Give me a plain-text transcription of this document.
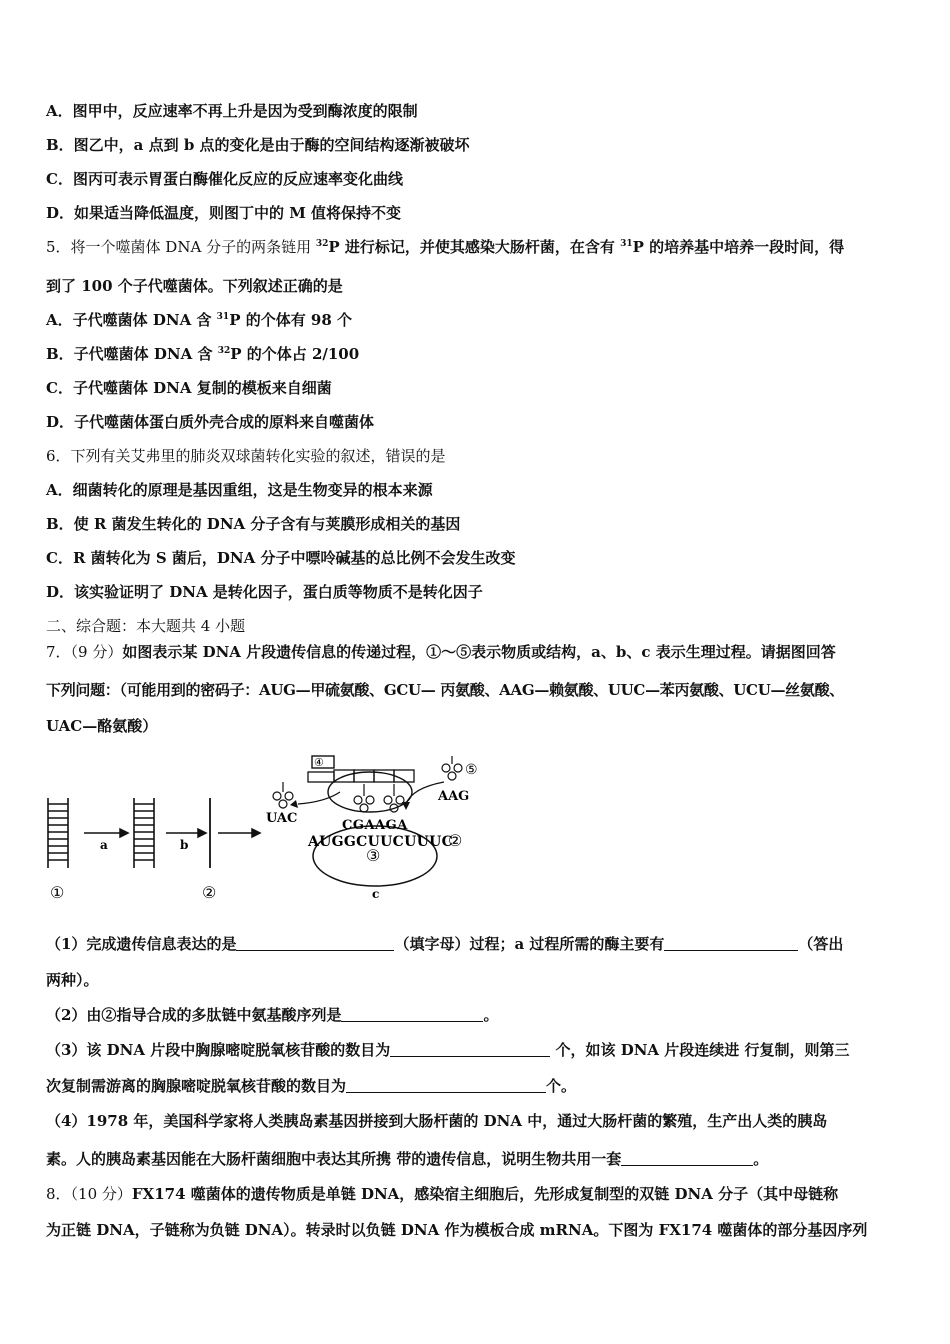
A．图甲中，反应速率不再上升是因为受到酶浓度的限制
B．图乙中，a 点到 b 点的变化是由于酶的空间结构逐渐被破坏
C．图丙可表示胃蛋白酶催化反应的反应速率变化曲线
D．如果适当降低温度，则图丁中的 M 值将保持不变
5．将一个噬菌体 DNA 分子的两条链用 $^{32}$P 进行标记，并使其感染大肠杆菌，在含有 $^{31}$P 的培养基中培养一段时间，得
到了 100 个子代噬菌体。下列叙述正确的是
A．子代噬菌体 DNA 含 $^{31}$P 的个体有 98 个
B．子代噬菌体 DNA 含 $^{32}$P 的个体占 2/100
C．子代噬菌体 DNA 复制的模板来自细菌
D．子代噬菌体蛋白质外壳合成的原料来自噬菌体
6．下列有关艾弗里的肺炎双球菌转化实验的叙述，错误的是
A．细菌转化的原理是基因重组，这是生物变异的根本来源
B．使 R 菌发生转化的 DNA 分子含有与荚膜形成相关的基因
C．R 菌转化为 S 菌后，DNA 分子中嘌呤碱基的总比例不会发生改变
D．该实验证明了 DNA 是转化因子，蛋白质等物质不是转化因子
二、综合题：本大题共 4 小题
7．（9 分）如图表示某 DNA 片段遗传信息的传递过程，①～⑤表示物质或结构，a、b、c 表示生理过程。请据图回答
下列问题：（可能用到的密码子：AUG—甲硫氨酸、GCU— 丙氨酸、AAG—赖氨酸、UUC—苯丙氨酸、UCU—丝氨酸、
UAC—酪氨酸）
①
a	b
②
③
c
④
CGAAGA
AUGGCUUCUUUC
②
UAC
⑤
AAG
（1）完成遗传信息表达的是	（填字母）过程；a 过程所需的酶主要有	（答出
两种）。
（2）由②指导合成的多肽链中氨基酸序列是	。
（3）该 DNA 片段中胸腺嘧啶脱氧核苷酸的数目为	个，如该 DNA 片段连续进 行复制，则第三
次复制需游离的胸腺嘧啶脱氧核苷酸的数目为	个。
（4）1978 年，美国科学家将人类胰岛素基因拼接到大肠杆菌的 DNA 中，通过大肠杆菌的繁殖，生产出人类的胰岛
素。人的胰岛素基因能在大肠杆菌细胞中表达其所携 带的遗传信息，说明生物共用一套	。
8．（10 分）FX174 噬菌体的遗传物质是单链 DNA，感染宿主细胞后，先形成复制型的双链 DNA 分子（其中母链称
为正链 DNA，子链称为负链 DNA）。转录时以负链 DNA 作为模板合成 mRNA。下图为 FX174 噬菌体的部分基因序列
